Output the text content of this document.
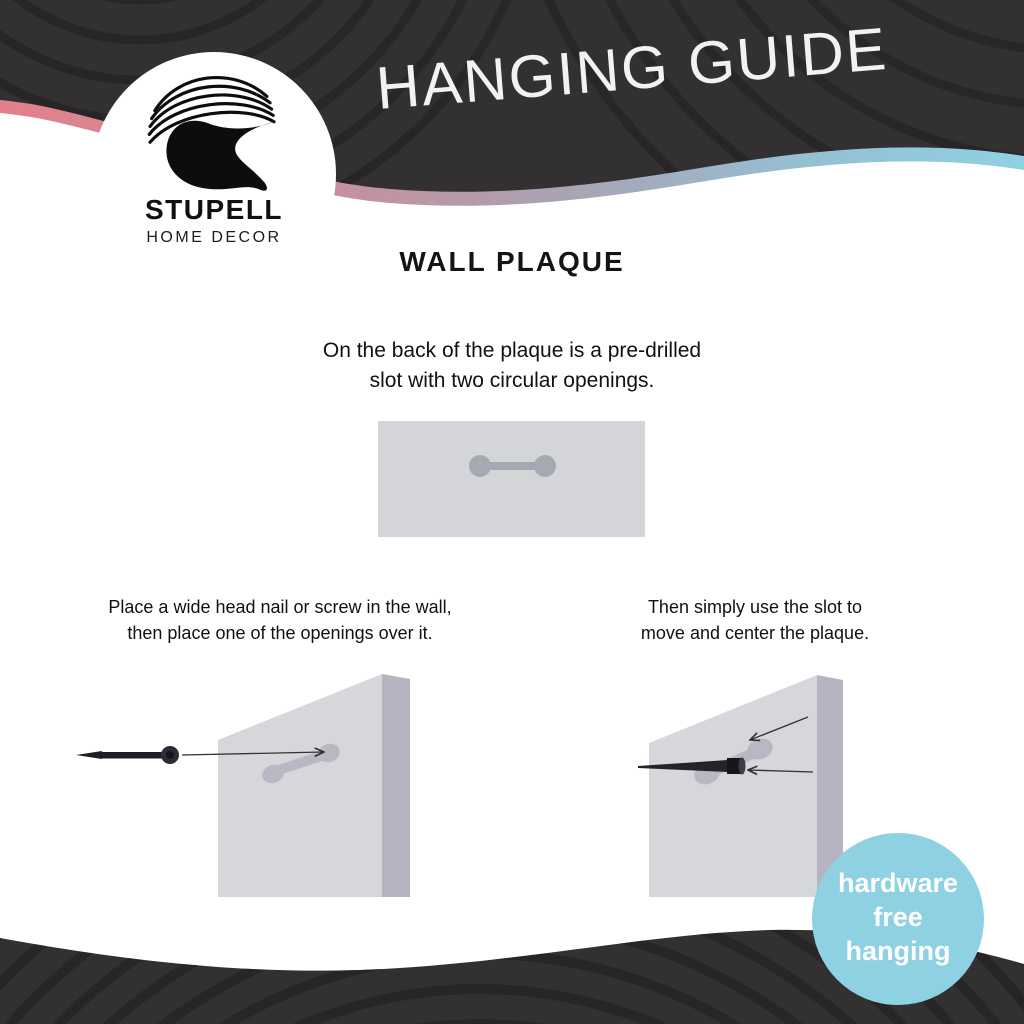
STUPELL
HOME DECOR
HANGING GUIDE
WALL PLAQUE
On the back of the plaque is a pre-drilled
slot with two circular openings.
Place a wide head nail or screw in the wall,
then place one of the openings over it.
Then simply use the slot to
move and center the plaque.
hardware
free
hanging
